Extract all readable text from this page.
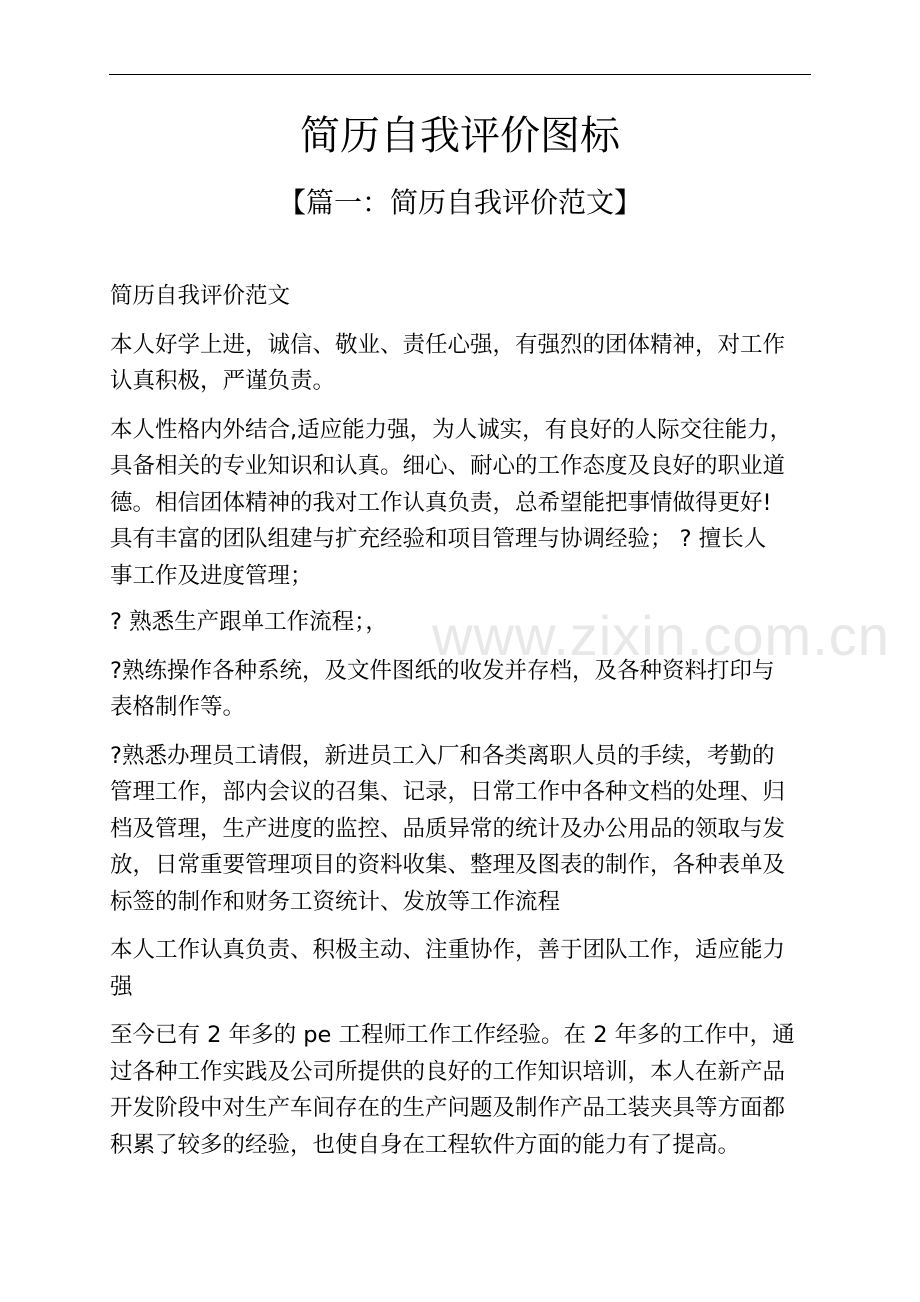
简历自我评价图标
【篇一：简历自我评价范文】
www.zixin.com.cn
简历自我评价范文
本人好学上进，诚信、敬业、责任心强，有强烈的团体精神，对工作
认真积极，严谨负责。
本人性格内外结合,适应能力强，为人诚实，有良好的人际交往能力，
具备相关的专业知识和认真。细心、耐心的工作态度及良好的职业道
德。相信团体精神的我对工作认真负责，总希望能把事情做得更好!
具有丰富的团队组建与扩充经验和项目管理与协调经验； ? 擅长人
事工作及进度管理；
? 熟悉生产跟单工作流程；，
?熟练操作各种系统，及文件图纸的收发并存档，及各种资料打印与
表格制作等。
?熟悉办理员工请假，新进员工入厂和各类离职人员的手续，考勤的
管理工作，部内会议的召集、记录，日常工作中各种文档的处理、归
档及管理，生产进度的监控、品质异常的统计及办公用品的领取与发
放，日常重要管理项目的资料收集、整理及图表的制作，各种表单及
标签的制作和财务工资统计、发放等工作流程
本人工作认真负责、积极主动、注重协作，善于团队工作，适应能力
强
至今已有 2 年多的 pe 工程师工作工作经验。在 2 年多的工作中，通
过各种工作实践及公司所提供的良好的工作知识培训，本人在新产品
开发阶段中对生产车间存在的生产问题及制作产品工装夹具等方面都
积累了较多的经验，也使自身在工程软件方面的能力有了提高。
